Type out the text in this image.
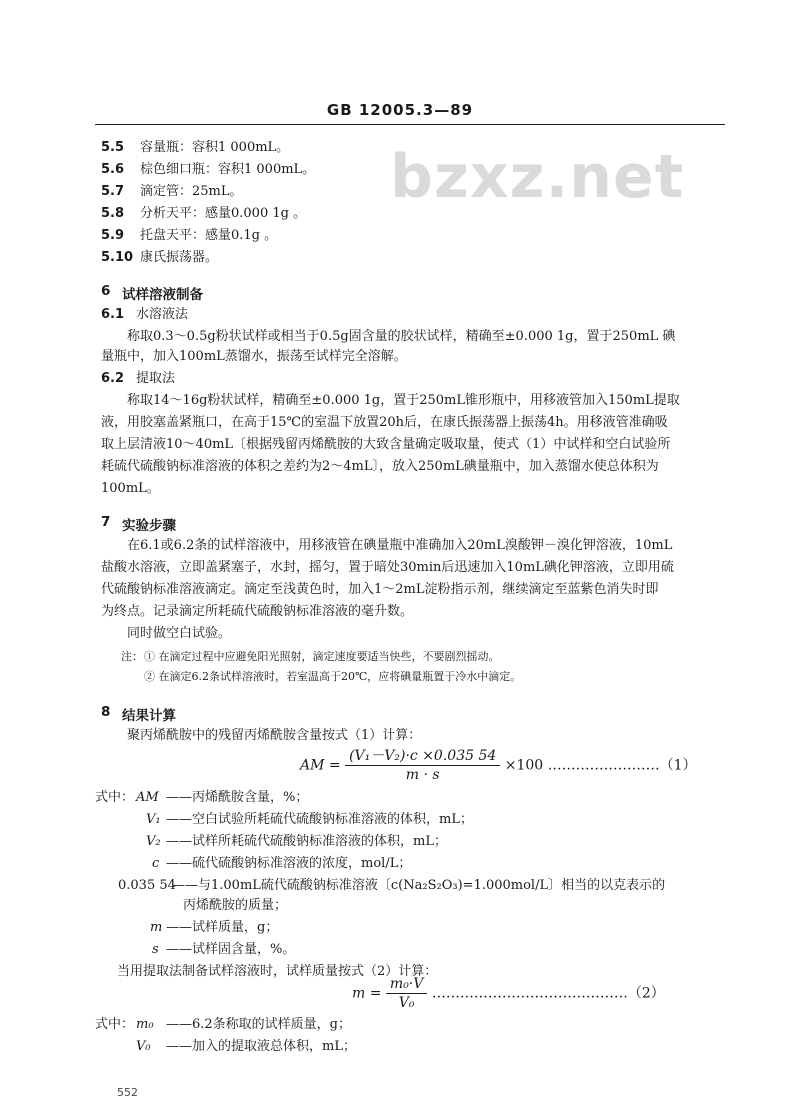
GB 12005.3—89
bzxz.net
5.5 容量瓶：容积1 000mL。
5.6 棕色细口瓶：容积1 000mL。
5.7 滴定管：25mL。
5.8 分析天平：感量0.000 1g 。
5.9 托盘天平：感量0.1g 。
5.10 康氏振荡器。
6 试样溶液制备
6.1 水溶液法
称取0.3～0.5g粉状试样或相当于0.5g固含量的胶状试样，精确至±0.000 1g，置于250mL 碘
量瓶中，加入100mL蒸馏水，振荡至试样完全溶解。
6.2 提取法
称取14～16g粉状试样，精确至±0.000 1g，置于250mL锥形瓶中，用移液管加入150mL提取
液，用胶塞盖紧瓶口，在高于15℃的室温下放置20h后，在康氏振荡器上振荡4h。用移液管准确吸
取上层清液10～40mL〔根据残留丙烯酰胺的大致含量确定吸取量，使式（1）中试样和空白试验所
耗硫代硫酸钠标准溶液的体积之差约为2～4mL〕，放入250mL碘量瓶中，加入蒸馏水使总体积为
100mL。
7 实验步骤
在6.1或6.2条的试样溶液中，用移液管在碘量瓶中准确加入20mL溴酸钾－溴化钾溶液，10mL
盐酸水溶液，立即盖紧塞子，水封，摇匀，置于暗处30min后迅速加入10mL碘化钾溶液，立即用硫
代硫酸钠标准溶液滴定。滴定至浅黄色时，加入1～2mL淀粉指示剂，继续滴定至蓝紫色消失时即
为终点。记录滴定所耗硫代硫酸钠标准溶液的毫升数。
同时做空白试验。
注： ① 在滴定过程中应避免阳光照射，滴定速度要适当快些，不要剧烈摇动。
② 在滴定6.2条试样溶液时，若室温高于20℃，应将碘量瓶置于冷水中滴定。
8 结果计算
聚丙烯酰胺中的残留丙烯酰胺含量按式（1）计算：
AM = $\frac{\text{(V₁－V₂)·c ×0.035 54}}{m \cdot s} \times 100$ ……………………（1）
式中： AM ——丙烯酰胺含量，%；
V₁ ——空白试验所耗硫代硫酸钠标准溶液的体积，mL；
V₂ ——试样所耗硫代硫酸钠标准溶液的体积，mL；
c ——硫代硫酸钠标准溶液的浓度，mol/L；
0.035 54
——与1.00mL硫代硫酸钠标准溶液〔c(Na₂S₂O₃)=1.000mol/L〕相当的以克表示的
丙烯酰胺的质量；
m ——试样质量，g；
s ——试样固含量，%。
当用提取法制备试样溶液时，试样质量按式（2）计算：
$m = \frac{\text{m₀·V}}{\text{V₀}}$ ……………………………………（2）
式中： m₀ ——6.2条称取的试样质量，g；
V₀ ——加入的提取液总体积，mL；
552
